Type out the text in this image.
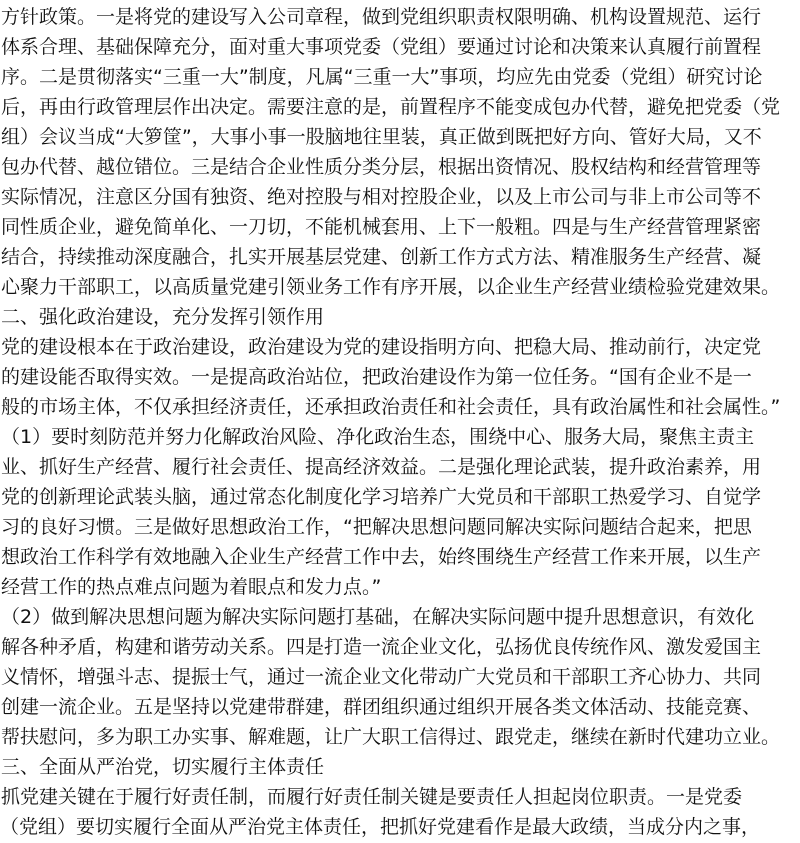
方针政策。一是将党的建设写入公司章程，做到党组织职责权限明确、机构设置规范、运行
体系合理、基础保障充分，面对重大事项党委（党组）要通过讨论和决策来认真履行前置程
序。二是贯彻落实“三重一大”制度，凡属“三重一大”事项，均应先由党委（党组）研究讨论
后，再由行政管理层作出决定。需要注意的是，前置程序不能变成包办代替，避免把党委（党
组）会议当成“大箩筐”，大事小事一股脑地往里装，真正做到既把好方向、管好大局，又不
包办代替、越位错位。三是结合企业性质分类分层，根据出资情况、股权结构和经营管理等
实际情况，注意区分国有独资、绝对控股与相对控股企业，以及上市公司与非上市公司等不
同性质企业，避免简单化、一刀切，不能机械套用、上下一般粗。四是与生产经营管理紧密
结合，持续推动深度融合，扎实开展基层党建、创新工作方式方法、精准服务生产经营、凝
心聚力干部职工，以高质量党建引领业务工作有序开展，以企业生产经营业绩检验党建效果。
二、强化政治建设，充分发挥引领作用
党的建设根本在于政治建设，政治建设为党的建设指明方向、把稳大局、推动前行，决定党
的建设能否取得实效。一是提高政治站位，把政治建设作为第一位任务。“国有企业不是一
般的市场主体，不仅承担经济责任，还承担政治责任和社会责任，具有政治属性和社会属性。”
（1）要时刻防范并努力化解政治风险、净化政治生态，围绕中心、服务大局，聚焦主责主
业、抓好生产经营、履行社会责任、提高经济效益。二是强化理论武装，提升政治素养，用
党的创新理论武装头脑，通过常态化制度化学习培养广大党员和干部职工热爱学习、自觉学
习的良好习惯。三是做好思想政治工作，“把解决思想问题同解决实际问题结合起来，把思
想政治工作科学有效地融入企业生产经营工作中去，始终围绕生产经营工作来开展，以生产
经营工作的热点难点问题为着眼点和发力点。”
（2）做到解决思想问题为解决实际问题打基础，在解决实际问题中提升思想意识，有效化
解各种矛盾，构建和谐劳动关系。四是打造一流企业文化，弘扬优良传统作风、激发爱国主
义情怀，增强斗志、提振士气，通过一流企业文化带动广大党员和干部职工齐心协力、共同
创建一流企业。五是坚持以党建带群建，群团组织通过组织开展各类文体活动、技能竞赛、
帮扶慰问，多为职工办实事、解难题，让广大职工信得过、跟党走，继续在新时代建功立业。
三、全面从严治党，切实履行主体责任
抓党建关键在于履行好责任制，而履行好责任制关键是要责任人担起岗位职责。一是党委
（党组）要切实履行全面从严治党主体责任，把抓好党建看作是最大政绩，当成分内之事，
